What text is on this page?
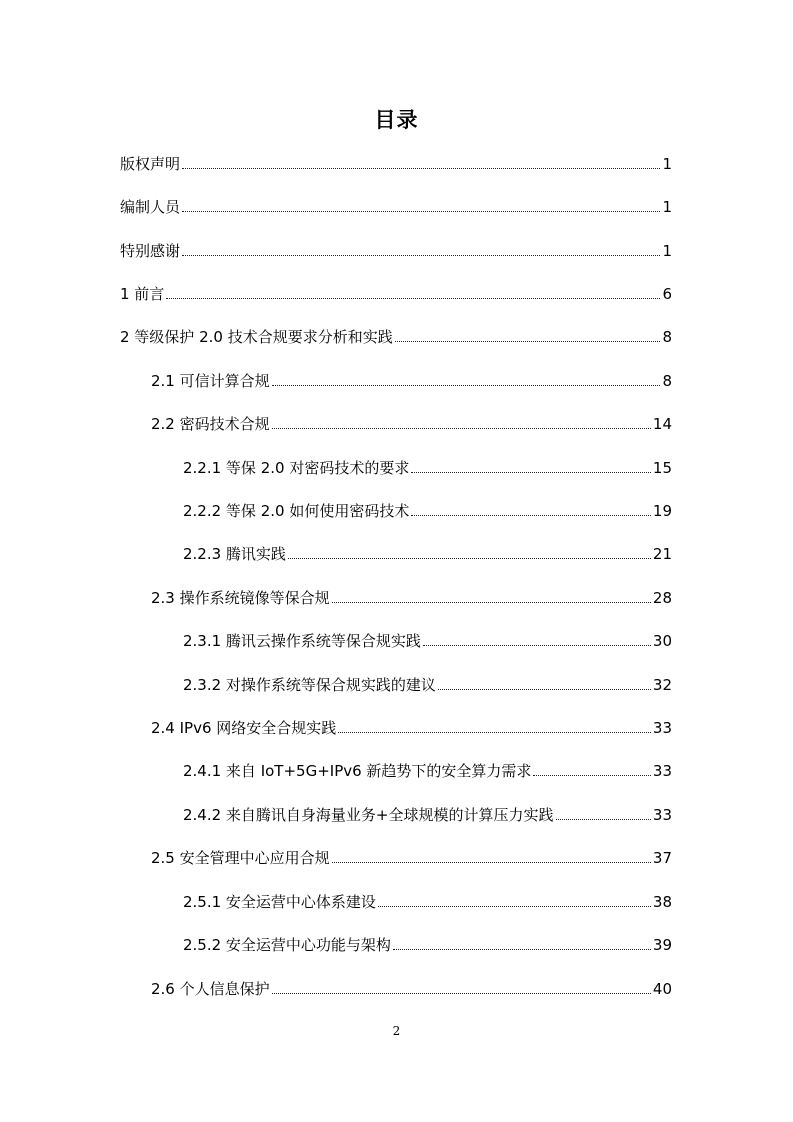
目录
版权声明	1
编制人员	1
特别感谢	1
1 前言	6
2 等级保护 2.0 技术合规要求分析和实践	8
2.1 可信计算合规	8
2.2 密码技术合规	14
2.2.1 等保 2.0 对密码技术的要求	15
2.2.2 等保 2.0 如何使用密码技术	19
2.2.3 腾讯实践	21
2.3 操作系统镜像等保合规	28
2.3.1 腾讯云操作系统等保合规实践	30
2.3.2 对操作系统等保合规实践的建议	32
2.4 IPv6 网络安全合规实践	33
2.4.1 来自 IoT+5G+IPv6 新趋势下的安全算力需求	33
2.4.2 来自腾讯自身海量业务+全球规模的计算压力实践	33
2.5 安全管理中心应用合规	37
2.5.1 安全运营中心体系建设	38
2.5.2 安全运营中心功能与架构	39
2.6 个人信息保护	40
2
